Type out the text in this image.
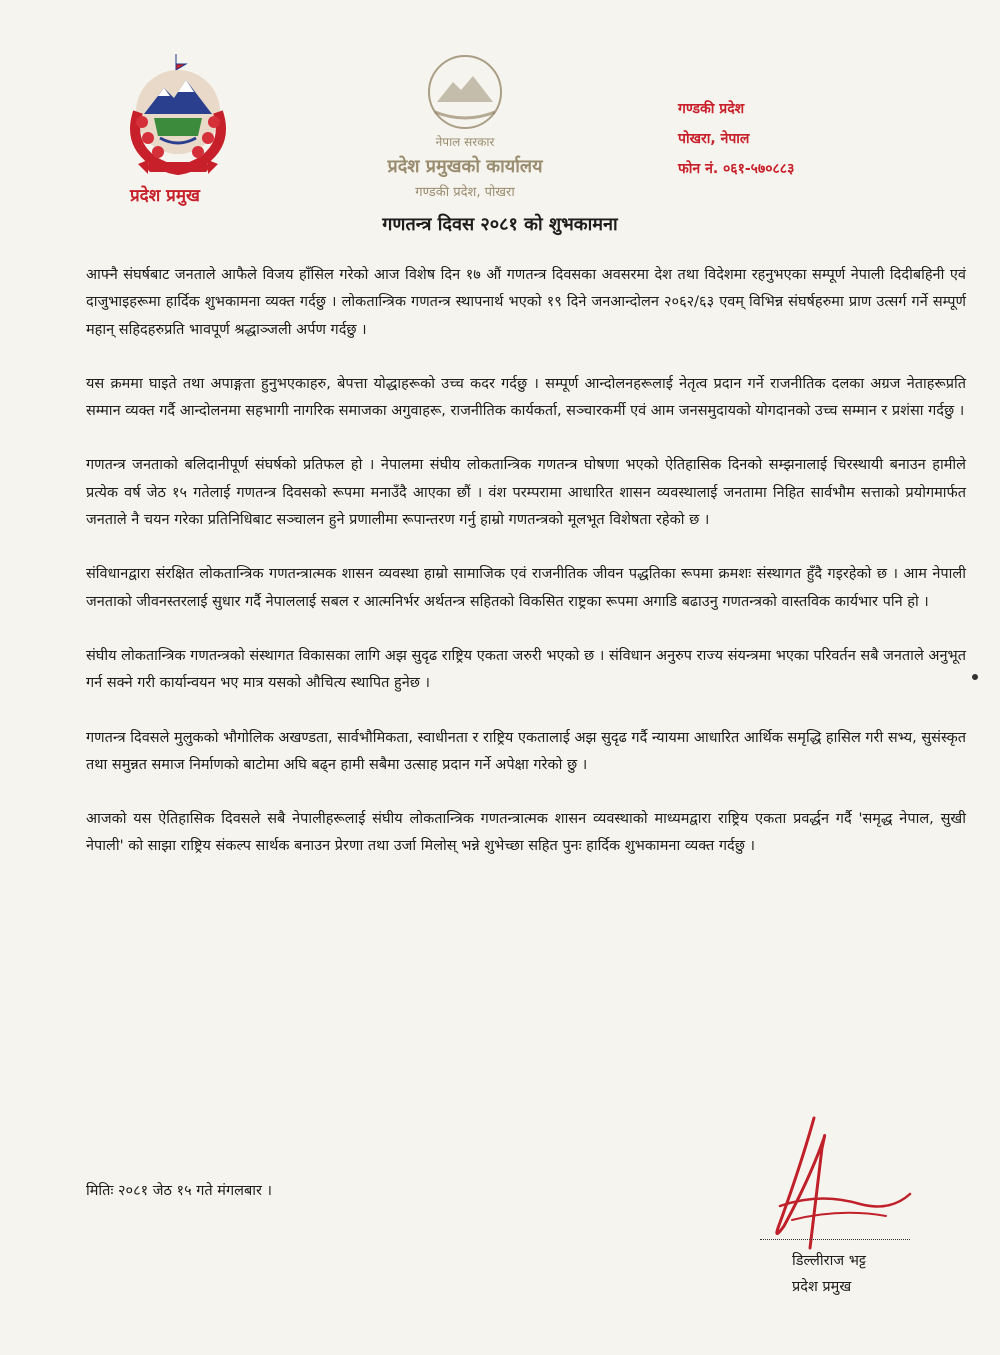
प्रदेश प्रमुख
नेपाल सरकार
प्रदेश प्रमुखको कार्यालय
गण्डकी प्रदेश, पोखरा
गण्डकी प्रदेश
पोखरा, नेपाल
फोन नं. ०६१-५७०८८३
गणतन्त्र दिवस २०८१ को शुभकामना

आफ्नै संघर्षबाट जनताले आफैले विजय हाँसिल गरेको आज विशेष दिन १७ औं गणतन्त्र दिवसका अवसरमा देश तथा विदेशमा रहनुभएका सम्पूर्ण नेपाली दिदीबहिनी एवं दाजुभाइहरूमा हार्दिक शुभकामना व्यक्त गर्दछु । लोकतान्त्रिक गणतन्त्र स्थापनार्थ भएको १९ दिने जनआन्दोलन २०६२/६३ एवम् विभिन्न संघर्षहरुमा प्राण उत्सर्ग गर्ने सम्पूर्ण महान् सहिदहरुप्रति भावपूर्ण श्रद्धाञ्जली अर्पण गर्दछु ।

यस क्रममा घाइते तथा अपाङ्गता हुनुभएकाहरु, बेपत्ता योद्धाहरूको उच्च कदर गर्दछु । सम्पूर्ण आन्दोलनहरूलाई नेतृत्व प्रदान गर्ने राजनीतिक दलका अग्रज नेताहरूप्रति सम्मान व्यक्त गर्दै आन्दोलनमा सहभागी नागरिक समाजका अगुवाहरू, राजनीतिक कार्यकर्ता, सञ्चारकर्मी एवं आम जनसमुदायको योगदानको उच्च सम्मान र प्रशंसा गर्दछु ।

गणतन्त्र जनताको बलिदानीपूर्ण संघर्षको प्रतिफल हो । नेपालमा संघीय लोकतान्त्रिक गणतन्त्र घोषणा भएको ऐतिहासिक दिनको सम्झनालाई चिरस्थायी बनाउन हामीले प्रत्येक वर्ष जेठ १५ गतेलाई गणतन्त्र दिवसको रूपमा मनाउँदै आएका छौं । वंश परम्परामा आधारित शासन व्यवस्थालाई जनतामा निहित सार्वभौम सत्ताको प्रयोगमार्फत जनताले नै चयन गरेका प्रतिनिधिबाट सञ्चालन हुने प्रणालीमा रूपान्तरण गर्नु हाम्रो गणतन्त्रको मूलभूत विशेषता रहेको छ ।

संविधानद्वारा संरक्षित लोकतान्त्रिक गणतन्त्रात्मक शासन व्यवस्था हाम्रो सामाजिक एवं राजनीतिक जीवन पद्धतिका रूपमा क्रमशः संस्थागत हुँदै गइरहेको छ । आम नेपाली जनताको जीवनस्तरलाई सुधार गर्दै नेपाललाई सबल र आत्मनिर्भर अर्थतन्त्र सहितको विकसित राष्ट्रका रूपमा अगाडि बढाउनु गणतन्त्रको वास्तविक कार्यभार पनि हो ।

संघीय लोकतान्त्रिक गणतन्त्रको संस्थागत विकासका लागि अझ सुदृढ राष्ट्रिय एकता जरुरी भएको छ । संविधान अनुरुप राज्य संयन्त्रमा भएका परिवर्तन सबै जनताले अनुभूत गर्न सक्ने गरी कार्यान्वयन भए मात्र यसको औचित्य स्थापित हुनेछ ।

गणतन्त्र दिवसले मुलुकको भौगोलिक अखण्डता, सार्वभौमिकता, स्वाधीनता र राष्ट्रिय एकतालाई अझ सुदृढ गर्दै न्यायमा आधारित आर्थिक समृद्धि हासिल गरी सभ्य, सुसंस्कृत तथा समुन्नत समाज निर्माणको बाटोमा अघि बढ्न हामी सबैमा उत्साह प्रदान गर्ने अपेक्षा गरेको छु ।

आजको यस ऐतिहासिक दिवसले सबै नेपालीहरूलाई संघीय लोकतान्त्रिक गणतन्त्रात्मक शासन व्यवस्थाको माध्यमद्वारा राष्ट्रिय एकता प्रवर्द्धन गर्दै 'समृद्ध नेपाल, सुखी नेपाली' को साझा राष्ट्रिय संकल्प सार्थक बनाउन प्रेरणा तथा उर्जा मिलोस् भन्ने शुभेच्छा सहित पुनः हार्दिक शुभकामना व्यक्त गर्दछु ।

मितिः २०८१ जेठ १५ गते मंगलबार ।
डिल्लीराज भट्ट
प्रदेश प्रमुख
